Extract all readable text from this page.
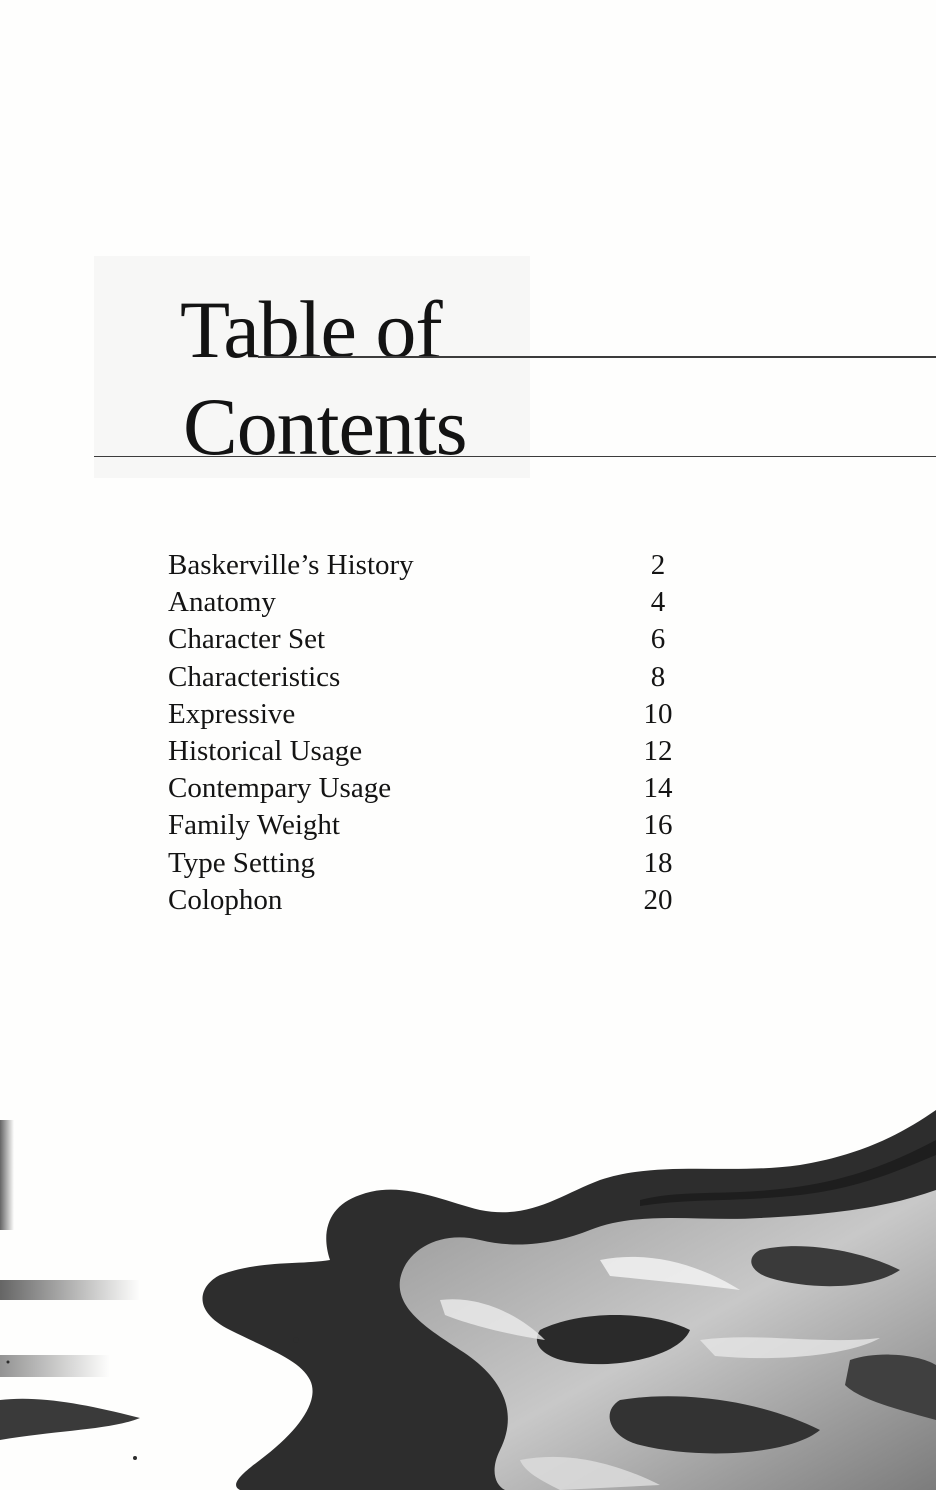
Table of
Contents
Baskerville’s History	2
Anatomy	4
Character Set	6
Characteristics	8
Expressive	10
Historical Usage	12
Contempary Usage	14
Family Weight	16
Type Setting	18
Colophon	20
